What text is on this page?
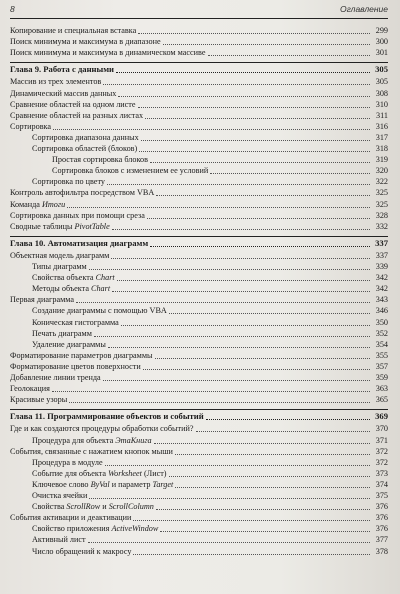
8	Оглавление
Копирование и специальная вставка	299
Поиск минимума и максимума в диапазоне	300
Поиск минимума и максимума в динамическом массиве	301
Глава 9. Работа с данными	305
Массив из трех элементов	305
Динамический массив данных	308
Сравнение областей на одном листе	310
Сравнение областей на разных листах	311
Сортировка	316
Сортировка диапазона данных	317
Сортировка областей (блоков)	318
Простая сортировка блоков	319
Сортировка блоков с изменением ее условий	320
Сортировка по цвету	322
Контроль автофильтра посредством VBA	325
Команда Итоги	325
Сортировка данных при помощи среза	328
Сводные таблицы PivotTable	332
Глава 10. Автоматизация диаграмм	337
Объектная модель диаграмм	337
Типы диаграмм	339
Свойства объекта Chart	342
Методы объекта Chart	342
Первая диаграмма	343
Создание диаграммы с помощью VBA	346
Коническая гистограмма	350
Печать диаграмм	352
Удаление диаграммы	354
Форматирование параметров диаграммы	355
Форматирование цветов поверхности	357
Добавление линии тренда	359
Геолокация	363
Красивые узоры	365
Глава 11. Программирование объектов и событий	369
Где и как создаются процедуры обработки событий?	370
Процедура для объекта ЭтаКнига	371
События, связанные с нажатием кнопок мыши	372
Процедура в модуле	372
Событие для объекта Worksheet (Лист)	373
Ключевое слово ByVal и параметр Target	374
Очистка ячейки	375
Свойства ScrollRow и ScrollColumn	376
События активации и деактивации	376
Свойство приложения ActiveWindow	376
Активный лист	377
Число обращений к макросу	378
